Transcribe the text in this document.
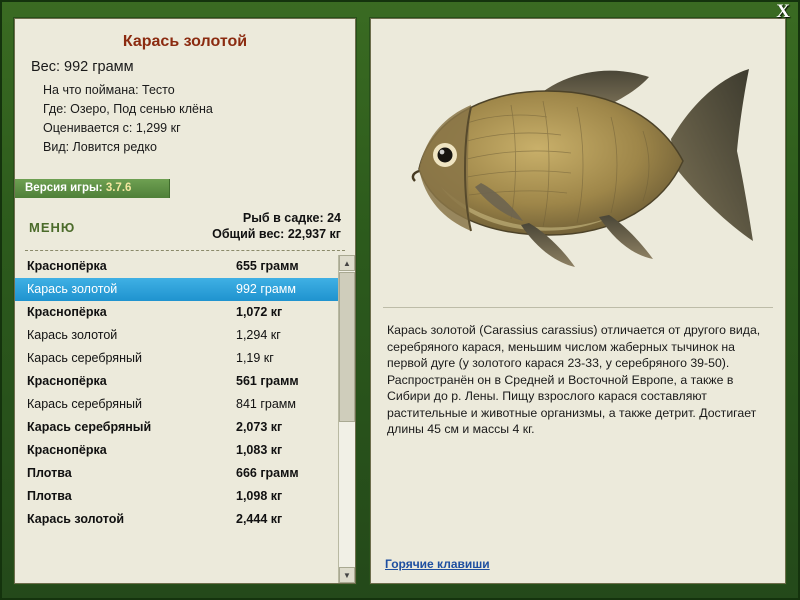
X
Карась золотой
Вес: 992 грамм
На что поймана: Тесто
Где: Озеро, Под сенью клёна
Оценивается с: 1,299 кг
Вид: Ловится редко
Версия игры: 3.7.6
МЕНЮ
Рыб в садке: 24
Общий вес: 22,937 кг
Краснопёрка	655 грамм
Карась золотой	992 грамм
Краснопёрка	1,072 кг
Карась золотой	1,294 кг
Карась серебряный	1,19 кг
Краснопёрка	561 грамм
Карась серебряный	841 грамм
Карась серебряный	2,073 кг
Краснопёрка	1,083 кг
Плотва	666 грамм
Плотва	1,098 кг
Карась золотой	2,444 кг
▲
▼
Карась золотой (Carassius carassius) отличается от другого вида, серебряного карася, меньшим числом жаберных тычинок на первой дуге (у золотого карася 23-33, у серебряного 39-50). Распространён он в Средней и Восточной Европе, а также в Сибири до р. Лены. Пищу взрослого карася составляют растительные и животные организмы, а также детрит. Достигает длины 45 см и массы 4 кг.
Горячие клавиши
